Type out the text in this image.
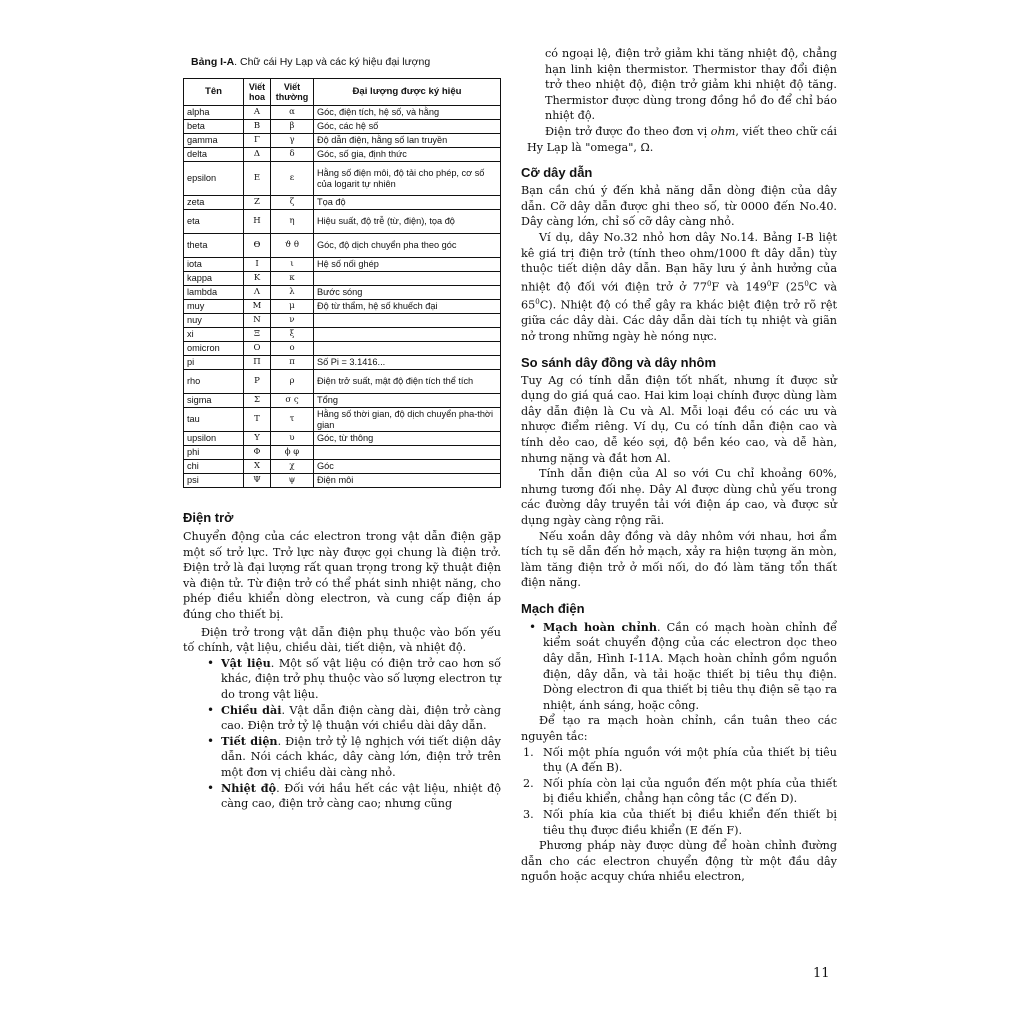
Bảng I-A. Chữ cái Hy Lạp và các ký hiệu đại lượng

Tên	Viết hoa	Viết thường	Đại lượng được ký hiệu
alpha	Α	α	Góc, điện tích, hệ số, và hằng
beta	Β	β	Góc, các hệ số
gamma	Γ	γ	Độ dẫn điện, hằng số lan truyền
delta	Δ	δ	Góc, số gia, định thức
epsilon	Ε	ε	Hằng số điện môi, độ tải cho phép, cơ số của logarit tự nhiên
zeta	Ζ	ζ	Tọa độ
eta	Η	η	Hiệu suất, độ trễ (từ, điện), tọa độ
theta	Θ	ϑ θ	Góc, độ dịch chuyển pha theo góc
iota	Ι	ι	Hệ số nối ghép
kappa	Κ	κ	
lambda	Λ	λ	Bước sóng
muy	Μ	μ	Độ từ thẩm, hệ số khuếch đại
nuy	Ν	ν	
xi	Ξ	ξ	
omicron	Ο	ο	
pi	Π	π	Số Pi = 3.1416...
rho	Ρ	ρ	Điện trở suất, mật độ điện tích thể tích
sigma	Σ	σ ς	Tổng
tau	Τ	τ	Hằng số thời gian, độ dịch chuyển pha-thời gian
upsilon	Υ	υ	Góc, từ thông
phi	Φ	ϕ φ	
chi	Χ	χ	Góc
psi	Ψ	ψ	Điện môi

Điện trở

Chuyển động của các electron trong vật dẫn điện gặp một số trở lực. Trở lực này được gọi chung là điện trở. Điện trở là đại lượng rất quan trọng trong kỹ thuật điện và điện tử. Từ điện trở có thể phát sinh nhiệt năng, cho phép điều khiển dòng electron, và cung cấp điện áp đúng cho thiết bị.

Điện trở trong vật dẫn điện phụ thuộc vào bốn yếu tố chính, vật liệu, chiều dài, tiết diện, và nhiệt độ.

• Vật liệu. Một số vật liệu có điện trở cao hơn số khác, điện trở phụ thuộc vào số lượng electron tự do trong vật liệu.
• Chiều dài. Vật dẫn điện càng dài, điện trở càng cao. Điện trở tỷ lệ thuận với chiều dài dây dẫn.
• Tiết diện. Điện trở tỷ lệ nghịch với tiết diện dây dẫn. Nói cách khác, dây càng lớn, điện trở trên một đơn vị chiều dài càng nhỏ.
• Nhiệt độ. Đối với hầu hết các vật liệu, nhiệt độ càng cao, điện trở càng cao; nhưng cũng

có ngoại lệ, điện trở giảm khi tăng nhiệt độ, chẳng hạn linh kiện thermistor. Thermistor thay đổi điện trở theo nhiệt độ, điện trở giảm khi nhiệt độ tăng. Thermistor được dùng trong đồng hồ đo để chỉ báo nhiệt độ.

Điện trở được đo theo đơn vị ohm, viết theo chữ cái Hy Lạp là "omega", Ω.

Cỡ dây dẫn

Bạn cần chú ý đến khả năng dẫn dòng điện của dây dẫn. Cỡ dây dẫn được ghi theo số, từ 0000 đến No.40. Dây càng lớn, chỉ số cỡ dây càng nhỏ.

Ví dụ, dây No.32 nhỏ hơn dây No.14. Bảng I-B liệt kê giá trị điện trở (tính theo ohm/1000 ft dây dẫn) tùy thuộc tiết diện dây dẫn. Bạn hãy lưu ý ảnh hưởng của nhiệt độ đối với điện trở ở $77^0F$ và $149^0F$ ($25^0C$ và $65^0C$). Nhiệt độ có thể gây ra khác biệt điện trở rõ rệt giữa các dây dài. Các dây dẫn dài tích tụ nhiệt và giãn nở trong những ngày hè nóng nực.

So sánh dây đồng và dây nhôm

Tuy Ag có tính dẫn điện tốt nhất, nhưng ít được sử dụng do giá quá cao. Hai kim loại chính được dùng làm dây dẫn điện là Cu và Al. Mỗi loại đều có các ưu và nhược điểm riêng. Ví dụ, Cu có tính dẫn điện cao và tính dẻo cao, dễ kéo sợi, độ bền kéo cao, và dễ hàn, nhưng nặng và đắt hơn Al.

Tính dẫn điện của Al so với Cu chỉ khoảng 60%, nhưng tương đối nhẹ. Dây Al được dùng chủ yếu trong các đường dây truyền tải với điện áp cao, và được sử dụng ngày càng rộng rãi.

Nếu xoắn dây đồng và dây nhôm với nhau, hơi ẩm tích tụ sẽ dẫn đến hở mạch, xảy ra hiện tượng ăn mòn, làm tăng điện trở ở mối nối, do đó làm tăng tổn thất điện năng.

Mạch điện

• Mạch hoàn chỉnh. Cần có mạch hoàn chỉnh để kiểm soát chuyển động của các electron dọc theo dây dẫn, Hình I-11A. Mạch hoàn chỉnh gồm nguồn điện, dây dẫn, và tải hoặc thiết bị tiêu thụ điện. Dòng electron đi qua thiết bị tiêu thụ điện sẽ tạo ra nhiệt, ánh sáng, hoặc công.

Để tạo ra mạch hoàn chỉnh, cần tuân theo các nguyên tắc:

1. Nối một phía nguồn với một phía của thiết bị tiêu thụ (A đến B).
2. Nối phía còn lại của nguồn đến một phía của thiết bị điều khiển, chẳng hạn công tắc (C đến D).
3. Nối phía kia của thiết bị điều khiển đến thiết bị tiêu thụ được điều khiển (E đến F).

Phương pháp này được dùng để hoàn chỉnh đường dẫn cho các electron chuyển động từ một đầu dây nguồn hoặc acquy chứa nhiều electron,

11
